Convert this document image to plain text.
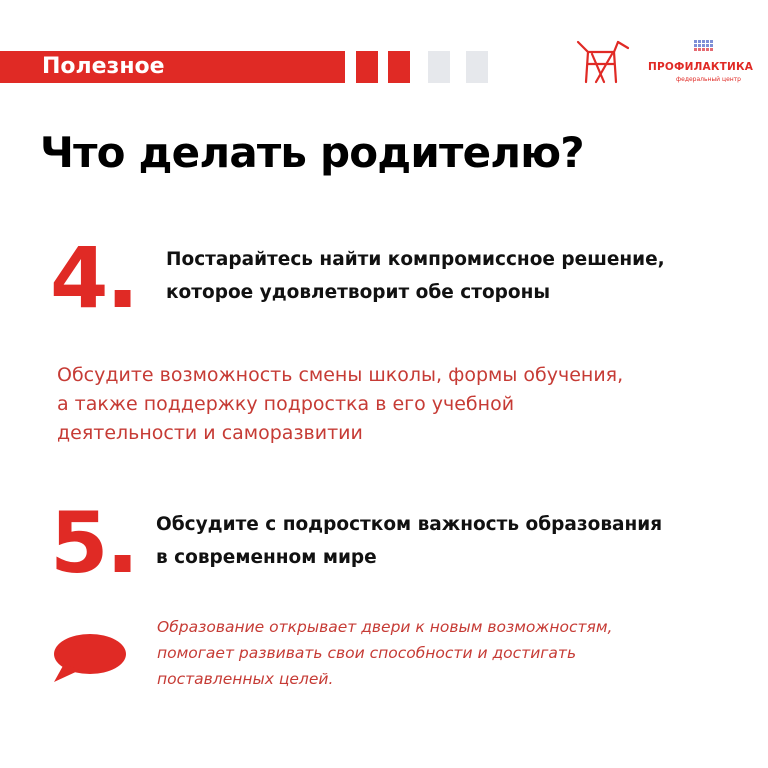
Полезное	ПРОФИЛАКТИКА
федеральный центр
Что делать родителю?
4. Постарайтесь найти компромиссное решение,
которое удовлетворит обе стороны
Обсудите возможность смены школы, формы обучения,
а также поддержку подростка в его учебной
деятельности и саморазвитии
5. Обсудите с подростком важность образования
в современном мире
Образование открывает двери к новым возможностям,
помогает развивать свои способности и достигать
поставленных целей.
